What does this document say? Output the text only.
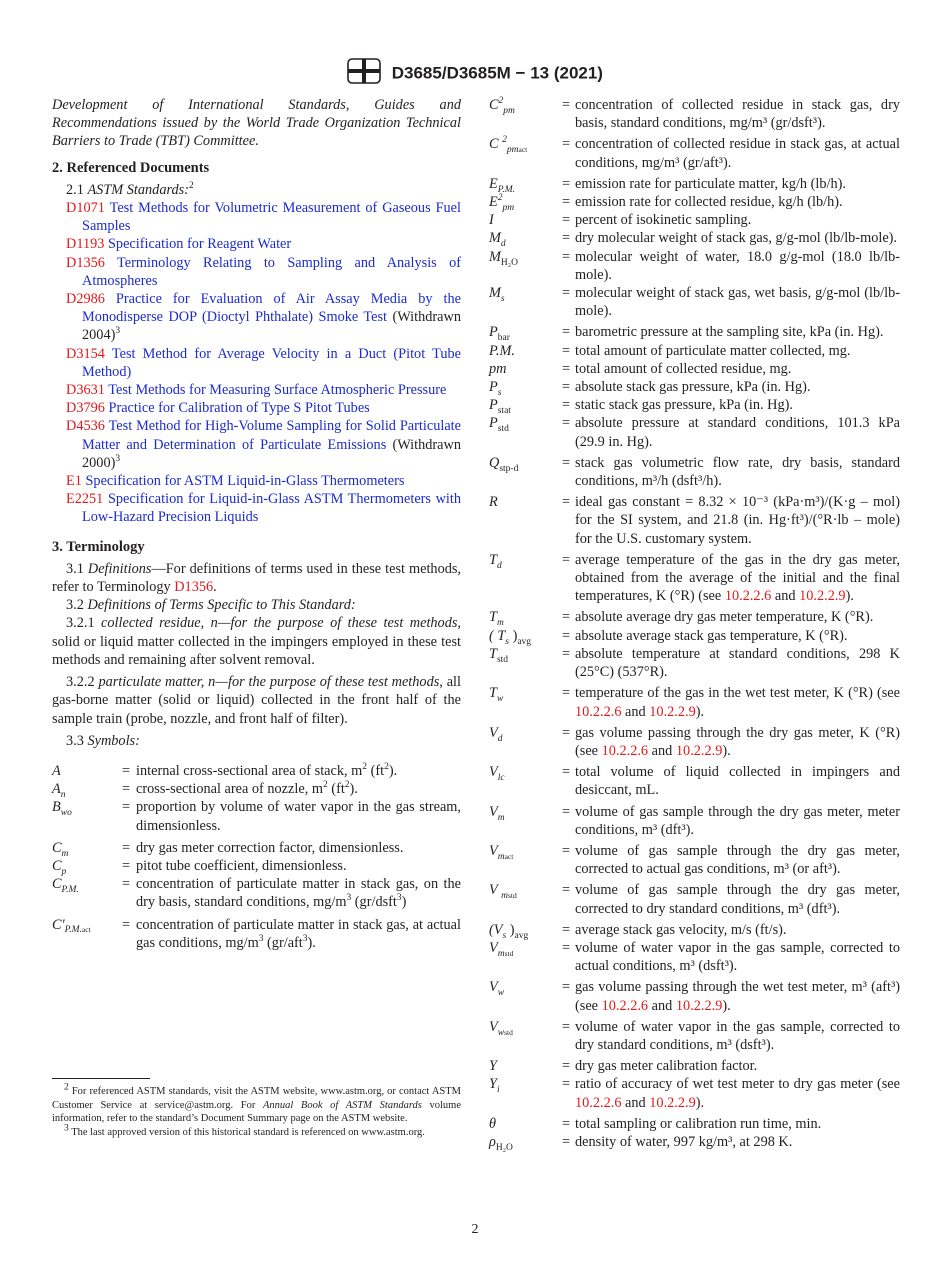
D3685/D3685M − 13 (2021)

Development of International Standards, Guides and Recommendations issued by the World Trade Organization Technical Barriers to Trade (TBT) Committee.

2. Referenced Documents

2.1 ASTM Standards:$^2$

D1071 Test Methods for Volumetric Measurement of Gaseous Fuel Samples

D1193 Specification for Reagent Water

D1356 Terminology Relating to Sampling and Analysis of Atmospheres

D2986 Practice for Evaluation of Air Assay Media by the Monodisperse DOP (Dioctyl Phthalate) Smoke Test (Withdrawn 2004)$^3$

D3154 Test Method for Average Velocity in a Duct (Pitot Tube Method)

D3631 Test Methods for Measuring Surface Atmospheric Pressure

D3796 Practice for Calibration of Type S Pitot Tubes

D4536 Test Method for High-Volume Sampling for Solid Particulate Matter and Determination of Particulate Emissions (Withdrawn 2000)$^3$

E1 Specification for ASTM Liquid-in-Glass Thermometers

E2251 Specification for Liquid-in-Glass ASTM Thermometers with Low-Hazard Precision Liquids

3. Terminology

3.1 Definitions—For definitions of terms used in these test methods, refer to Terminology D1356.

3.2 Definitions of Terms Specific to This Standard:

3.2.1 collected residue, n—for the purpose of these test methods, solid or liquid matter collected in the impingers employed in these test methods and remaining after solvent removal.

3.2.2 particulate matter, n—for the purpose of these test methods, all gas-borne matter (solid or liquid) collected in the front half of the sample train (probe, nozzle, and front half of filter).

3.3 Symbols:

A	=	internal cross-sectional area of stack, $m^2$ $(ft^2)$.
$A_n$	=	cross-sectional area of nozzle, $m^2$ $(ft^2)$.
$B_{wo}$	=	proportion by volume of water vapor in the gas stream, dimensionless.

$C_m$	=	dry gas meter correction factor, dimensionless.
$C_p$	=	pitot tube coefficient, dimensionless.
$C_{P.M.}$	=	concentration of particulate matter in stack gas, on the dry basis, standard conditions, $mg/m^3$ (gr/dsft$^3$)

$C'_{P.M.act}$	=	concentration of particulate matter in stack gas, at actual gas conditions, $mg/m^3$ (gr/aft$^3$).

$^2$ For referenced ASTM standards, visit the ASTM website, www.astm.org, or contact ASTM Customer Service at service@astm.org. For Annual Book of ASTM Standards volume information, refer to the standard’s Document Summary page on the ASTM website.

$^3$ The last approved version of this historical standard is referenced on www.astm.org.

$C^2_{pm}$	=	concentration of collected residue in stack gas, dry basis, standard conditions, mg/m³ (gr/dsft³).

C $^2_{pmact}$	=	concentration of collected residue in stack gas, at actual conditions, mg/m³ (gr/aft³).

$E_{P.M.}$	=	emission rate for particulate matter, kg/h (lb/h).
$E^2_{pm}$	=	emission rate for collected residue, kg/h (lb/h).
I	=	percent of isokinetic sampling.
$M_d$	=	dry molecular weight of stack gas, g/g-mol (lb/lb-mole).
$M_{H_2O}$	=	molecular weight of water, 18.0 g/g-mol (18.0 lb/lb-mole).
$M_s$	=	molecular weight of stack gas, wet basis, g/g-mol (lb/lb-mole).

$P_{bar}$	=	barometric pressure at the sampling site, kPa (in. Hg).
P.M.	=	total amount of particulate matter collected, mg.
pm	=	total amount of collected residue, mg.
$P_s$	=	absolute stack gas pressure, kPa (in. Hg).
$P_{stat}$	=	static stack gas pressure, kPa (in. Hg).
$P_{std}$	=	absolute pressure at standard conditions, 101.3 kPa (29.9 in. Hg).

$Q_{stp-d}$	=	stack gas volumetric flow rate, dry basis, standard conditions, m³/h (dsft³/h).

R	=	ideal gas constant = 8.32 × 10⁻³ (kPa·m³)/(K·g – mol) for the SI system, and 21.8 (in. Hg·ft³)/(°R·lb – mole) for the U.S. customary system.

$T_d$	=	average temperature of the gas in the dry gas meter, obtained from the average of the initial and the final temperatures, K (°R) (see 10.2.2.6 and 10.2.2.9).

$T_m$	=	absolute average dry gas meter temperature, K (°R).
( $T_s$ )$_{avg}$	=	absolute average stack gas temperature, K (°R).
$T_{std}$	=	absolute temperature at standard conditions, 298 K (25°C) (537°R).

$T_w$	=	temperature of the gas in the wet test meter, K (°R) (see 10.2.2.6 and 10.2.2.9).

$V_d$	=	gas volume passing through the dry gas meter, K (°R) (see 10.2.2.6 and 10.2.2.9).

$V_{lc}$	=	total volume of liquid collected in impingers and desiccant, mL.

$V_m$	=	volume of gas sample through the dry gas meter, meter conditions, m³ (dft³).

$V_{mact}$	=	volume of gas sample through the dry gas meter, corrected to actual gas conditions, m³ (or aft³).

V $_{mstd}$	=	volume of gas sample through the dry gas meter, corrected to dry standard conditions, m³ (dft³).

($V_s$ )$_{avg}$	=	average stack gas velocity, m/s (ft/s).
$V_{mstd}$	=	volume of water vapor in the gas sample, corrected to actual conditions, m³ (dsft³).

$V_w$	=	gas volume passing through the wet test meter, m³ (aft³) (see 10.2.2.6 and 10.2.2.9).

$V_{wstd}$	=	volume of water vapor in the gas sample, corrected to dry standard conditions, m³ (dsft³).

Y	=	dry gas meter calibration factor.
$Y_i$	=	ratio of accuracy of wet test meter to dry gas meter (see 10.2.2.6 and 10.2.2.9).

θ	=	total sampling or calibration run time, min.
$\rho_{H_2O}$	=	density of water, 997 kg/m³, at 298 K.
2
